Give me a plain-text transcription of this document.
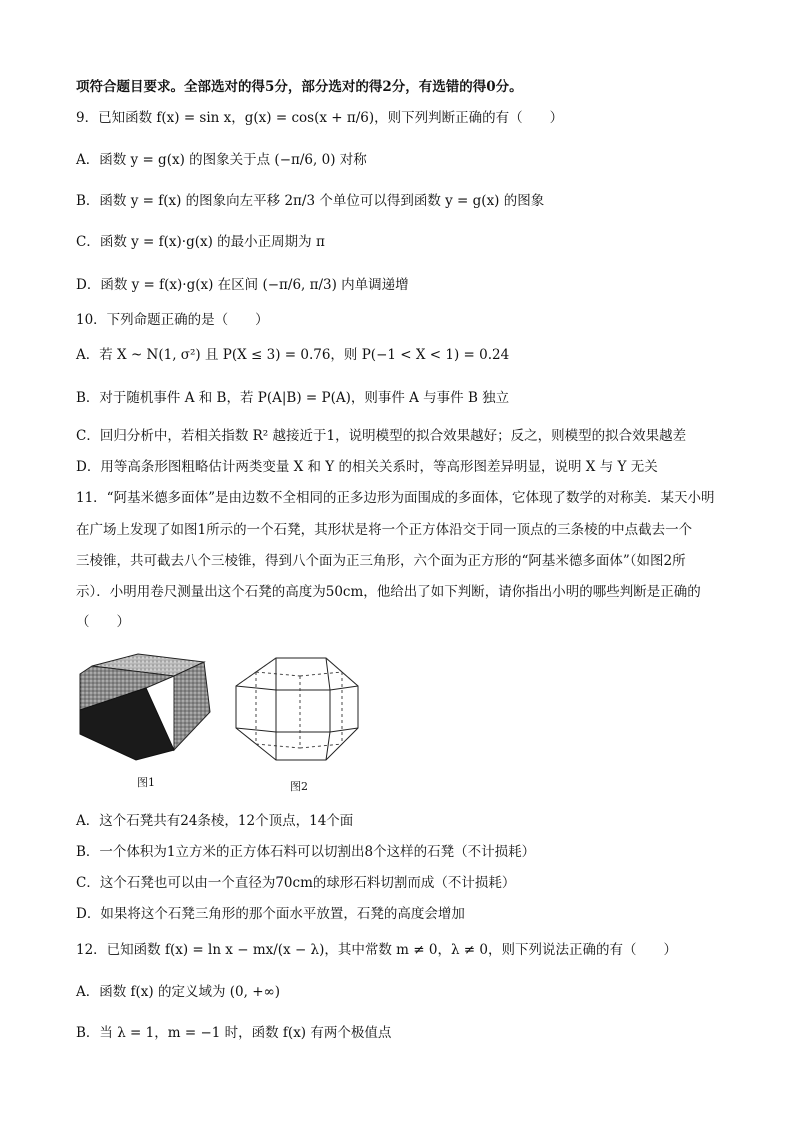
项符合题目要求。全部选对的得5分，部分选对的得2分，有选错的得0分。
9．已知函数 f(x) = sin x，g(x) = cos(x + π/6)，则下列判断正确的有（　　）
A．函数 y = g(x) 的图象关于点 (−π/6, 0) 对称
B．函数 y = f(x) 的图象向左平移 2π/3 个单位可以得到函数 y = g(x) 的图象
C．函数 y = f(x)·g(x) 的最小正周期为 π
D．函数 y = f(x)·g(x) 在区间 (−π/6, π/3) 内单调递增
10．下列命题正确的是（　　）
A．若 X ~ N(1, σ²) 且 P(X ≤ 3) = 0.76，则 P(−1 < X < 1) = 0.24
B．对于随机事件 A 和 B，若 P(A|B) = P(A)，则事件 A 与事件 B 独立
C．回归分析中，若相关指数 R² 越接近于1，说明模型的拟合效果越好；反之，则模型的拟合效果越差
D．用等高条形图粗略估计两类变量 X 和 Y 的相关关系时，等高形图差异明显，说明 X 与 Y 无关
11．“阿基米德多面体”是由边数不全相同的正多边形为面围成的多面体，它体现了数学的对称美．某天小明
在广场上发现了如图1所示的一个石凳，其形状是将一个正方体沿交于同一顶点的三条棱的中点截去一个
三棱锥，共可截去八个三棱锥，得到八个面为正三角形，六个面为正方形的“阿基米德多面体”（如图2所
示）．小明用卷尺测量出这个石凳的高度为50cm，他给出了如下判断，请你指出小明的哪些判断是正确的
（　　）
图1	图2
A．这个石凳共有24条棱，12个顶点，14个面
B．一个体积为1立方米的正方体石料可以切割出8个这样的石凳（不计损耗）
C．这个石凳也可以由一个直径为70cm的球形石料切割而成（不计损耗）
D．如果将这个石凳三角形的那个面水平放置，石凳的高度会增加
12．已知函数 f(x) = ln x − mx/(x − λ)，其中常数 m ≠ 0，λ ≠ 0，则下列说法正确的有（　　）
A．函数 f(x) 的定义域为 (0, +∞)
B．当 λ = 1，m = −1 时，函数 f(x) 有两个极值点
